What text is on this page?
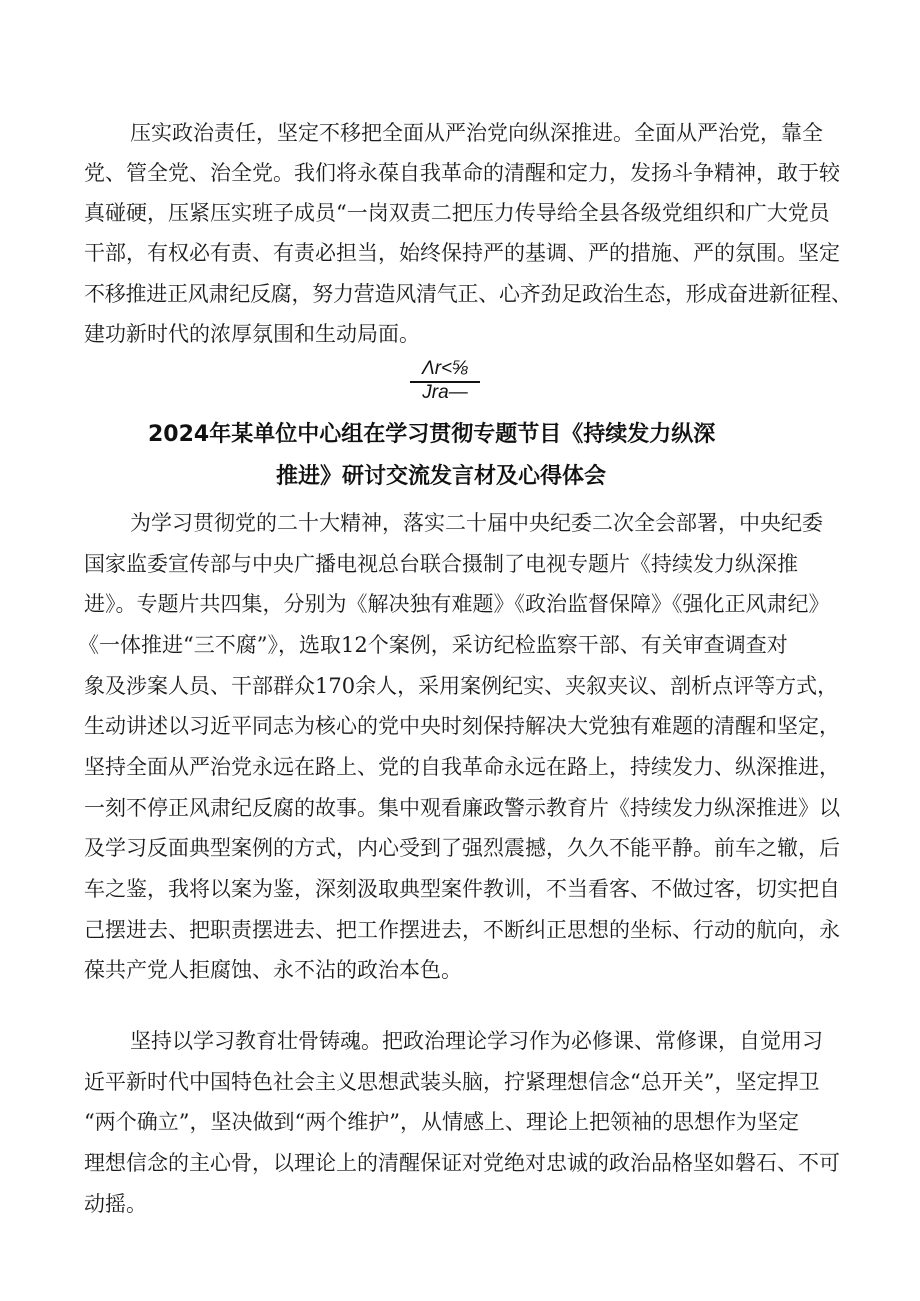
压实政治责任，坚定不移把全面从严治党向纵深推进。全面从严治党，靠全
党、管全党、治全党。我们将永葆自我革命的清醒和定力，发扬斗争精神，敢于较
真碰硬，压紧压实班子成员“一岗双责二把压力传导给全县各级党组织和广大党员
干部，有权必有责、有责必担当，始终保持严的基调、严的措施、严的氛围。坚定
不移推进正风肃纪反腐，努力营造风清气正、心齐劲足政治生态，形成奋进新征程、
建功新时代的浓厚氛围和生动局面。
Λr<⅝
Jra—
2024年某单位中心组在学习贯彻专题节目《持续发力纵深
推进》研讨交流发言材及心得体会
为学习贯彻党的二十大精神，落实二十届中央纪委二次全会部署，中央纪委
国家监委宣传部与中央广播电视总台联合摄制了电视专题片《持续发力纵深推
进》。专题片共四集，分别为《解决独有难题》《政治监督保障》《强化正风肃纪》
《一体推进“三不腐”》，选取12个案例，采访纪检监察干部、有关审查调查对
象及涉案人员、干部群众170余人，采用案例纪实、夹叙夹议、剖析点评等方式，
生动讲述以习近平同志为核心的党中央时刻保持解决大党独有难题的清醒和坚定，
坚持全面从严治党永远在路上、党的自我革命永远在路上，持续发力、纵深推进，
一刻不停正风肃纪反腐的故事。集中观看廉政警示教育片《持续发力纵深推进》以
及学习反面典型案例的方式，内心受到了强烈震撼，久久不能平静。前车之辙，后
车之鉴，我将以案为鉴，深刻汲取典型案件教训，不当看客、不做过客，切实把自
己摆进去、把职责摆进去、把工作摆进去，不断纠正思想的坐标、行动的航向，永
葆共产党人拒腐蚀、永不沾的政治本色。
坚持以学习教育壮骨铸魂。把政治理论学习作为必修课、常修课，自觉用习
近平新时代中国特色社会主义思想武装头脑，拧紧理想信念“总开关”，坚定捍卫
“两个确立”，坚决做到“两个维护”，从情感上、理论上把领袖的思想作为坚定
理想信念的主心骨，以理论上的清醒保证对党绝对忠诚的政治品格坚如磐石、不可
动摇。
